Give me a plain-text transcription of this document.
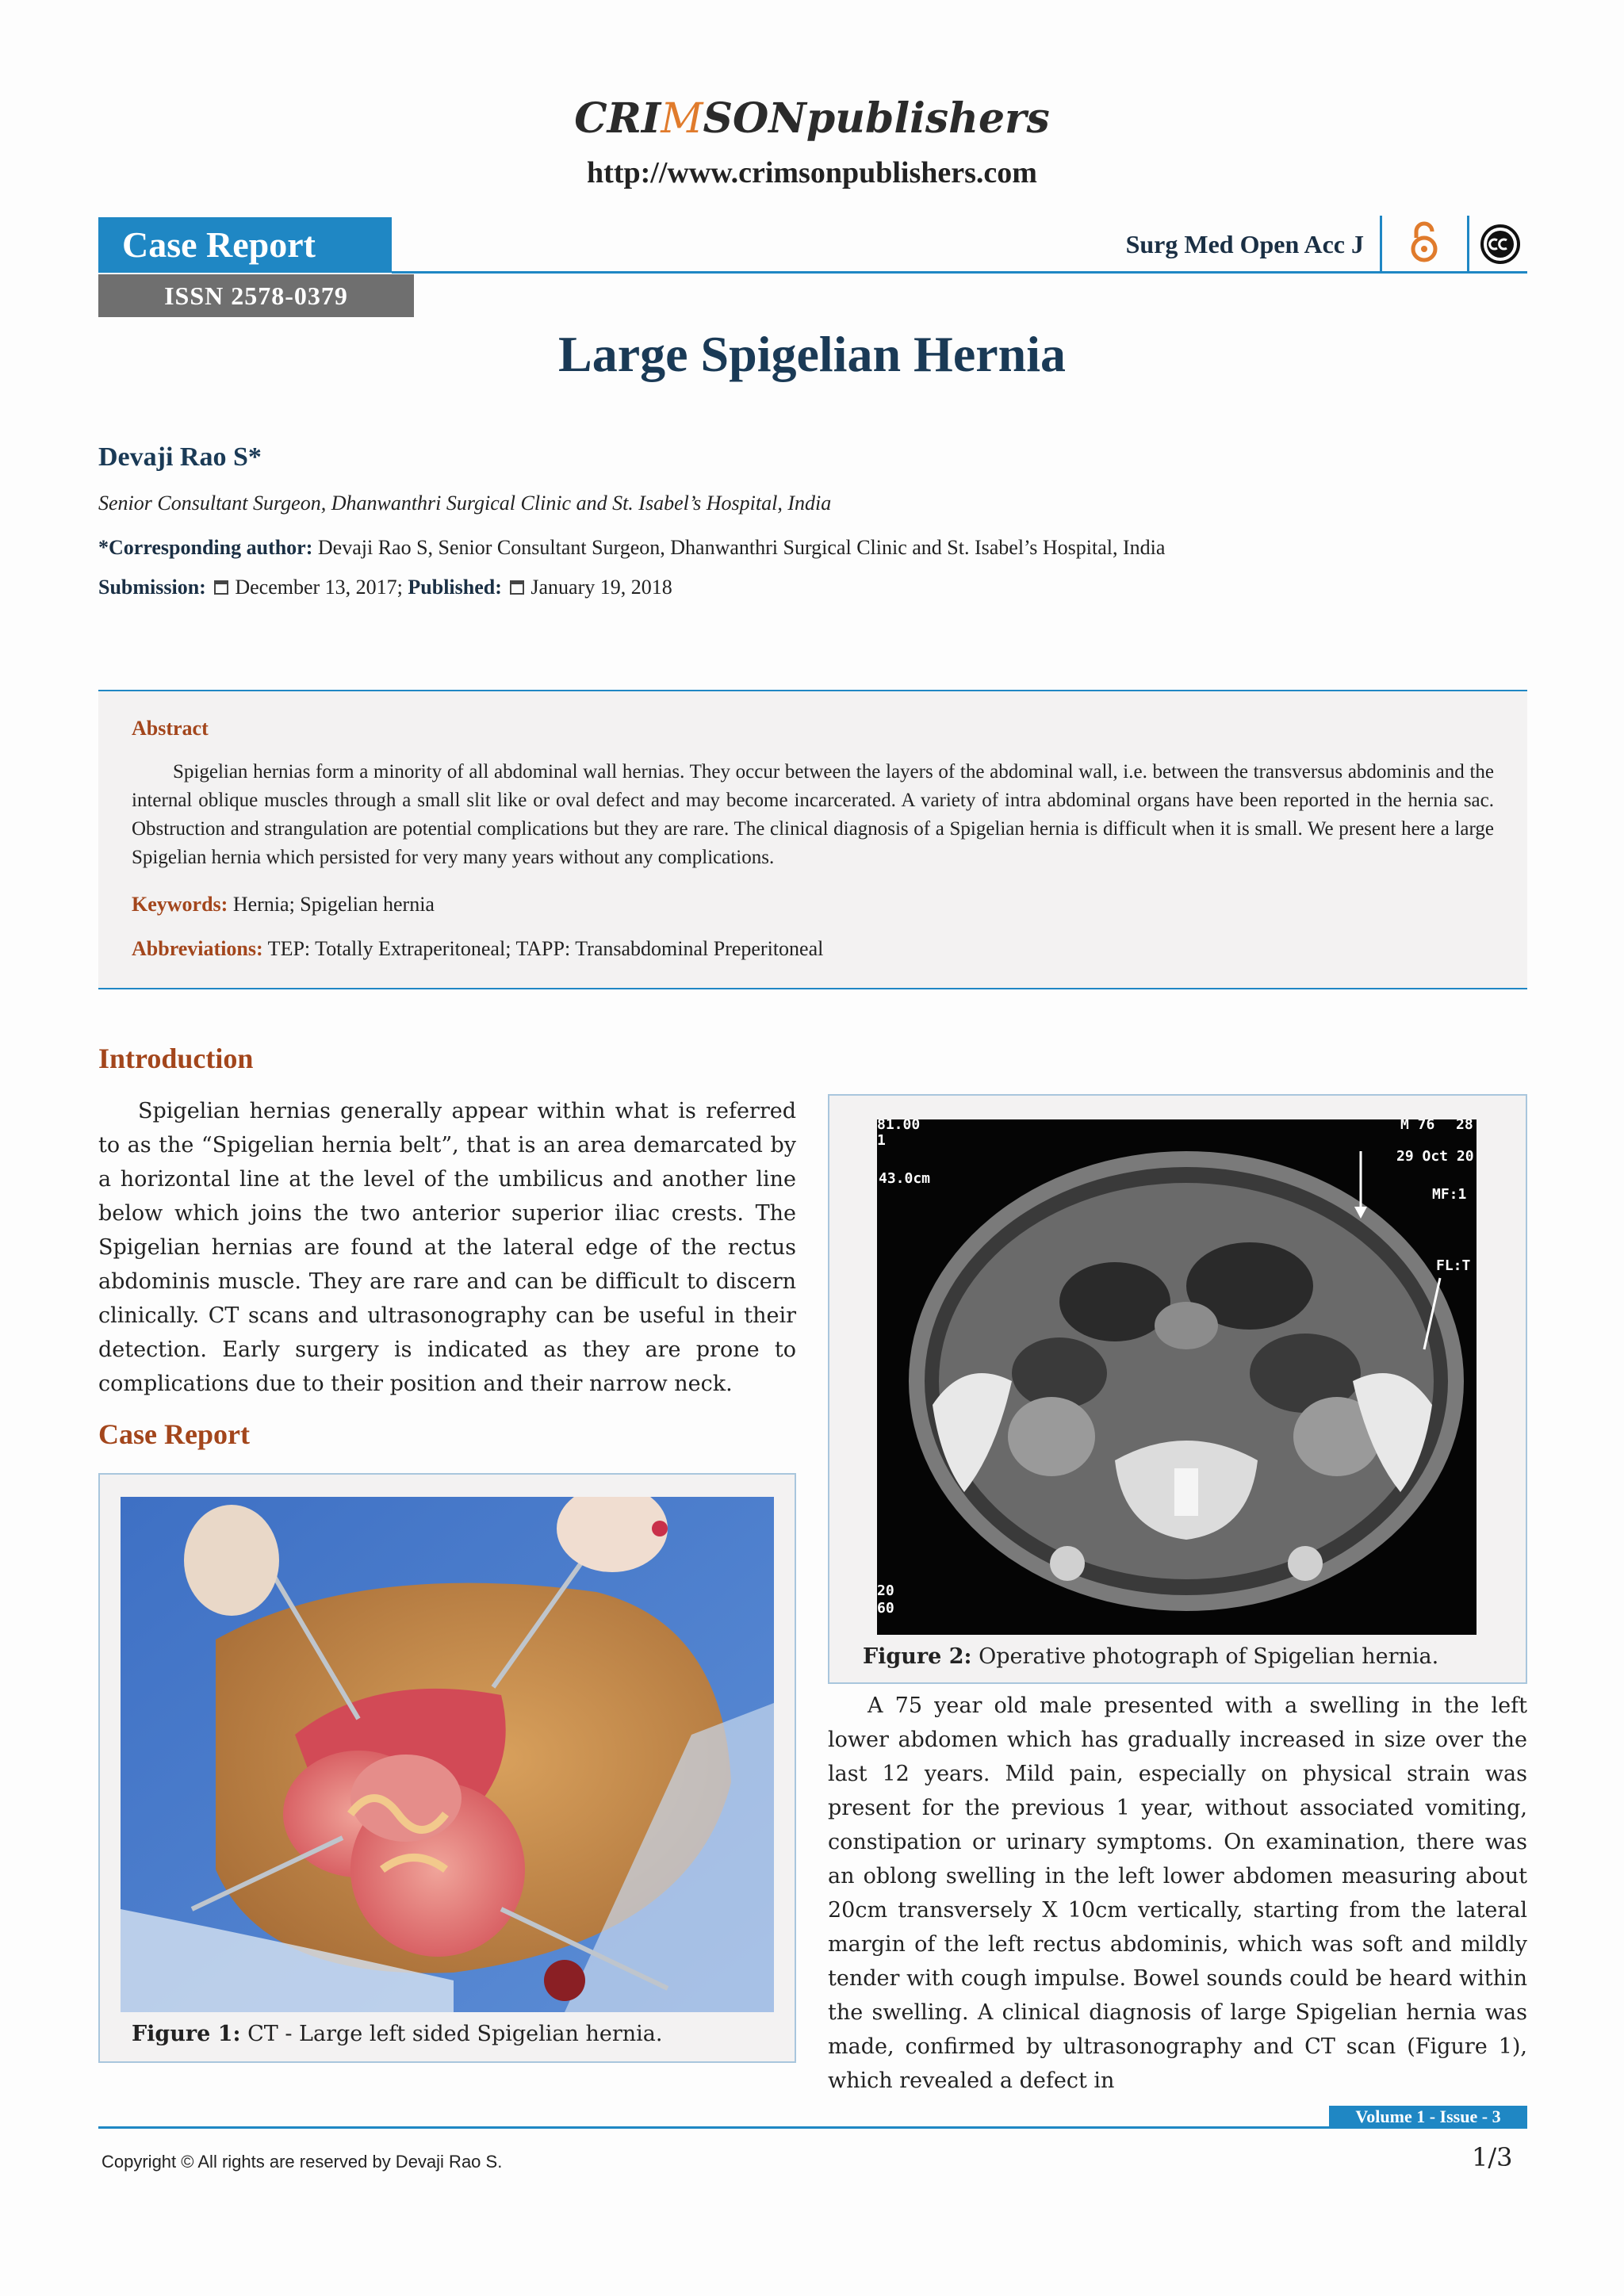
CRIMSONpublishers
http://www.crimsonpublishers.com
Case Report
ISSN 2578-0379
Surg Med Open Acc J
Large Spigelian Hernia
Devaji Rao S*
Senior Consultant Surgeon, Dhanwanthri Surgical Clinic and St. Isabel’s Hospital, India
*Corresponding author: Devaji Rao S, Senior Consultant Surgeon, Dhanwanthri Surgical Clinic and St. Isabel’s Hospital, India
Submission: December 13, 2017; Published: January 19, 2018
Abstract
Spigelian hernias form a minority of all abdominal wall hernias. They occur between the layers of the abdominal wall, i.e. between the transversus abdominis and the internal oblique muscles through a small slit like or oval defect and may become incarcerated. A variety of intra abdominal organs have been reported in the hernia sac. Obstruction and strangulation are potential complications but they are rare. The clinical diagnosis of a Spigelian hernia is difficult when it is small. We present here a large Spigelian hernia which persisted for very many years without any complications.
Keywords: Hernia; Spigelian hernia
Abbreviations: TEP: Totally Extraperitoneal; TAPP: Transabdominal Preperitoneal
Introduction
Spigelian hernias generally appear within what is referred to as the “Spigelian hernia belt”, that is an area demarcated by a horizontal line at the level of the umbilicus and another line below which joins the two anterior superior iliac crests. The Spigelian hernias are found at the lateral edge of the rectus abdominis muscle. They are rare and can be difficult to discern clinically. CT scans and ultrasonography can be useful in their detection. Early surgery is indicated as they are prone to complications due to their position and their narrow neck.
Case Report
Figure 1: CT - Large left sided Spigelian hernia.
81.00
1
43.0cm
M 76 28
29 Oct 20
MF:1
FL:T
20
60
Figure 2: Operative photograph of Spigelian hernia.
A 75 year old male presented with a swelling in the left lower abdomen which has gradually increased in size over the last 12 years. Mild pain, especially on physical strain was present for the previous 1 year, without associated vomiting, constipation or urinary symptoms. On examination, there was an oblong swelling in the left lower abdomen measuring about 20cm transversely X 10cm vertically, starting from the lateral margin of the left rectus abdominis, which was soft and mildly tender with cough impulse. Bowel sounds could be heard within the swelling. A clinical diagnosis of large Spigelian hernia was made, confirmed by ultrasonography and CT scan (Figure 1), which revealed a defect in
Volume 1 - Issue - 3
Copyright © All rights are reserved by Devaji Rao S.	1/3
